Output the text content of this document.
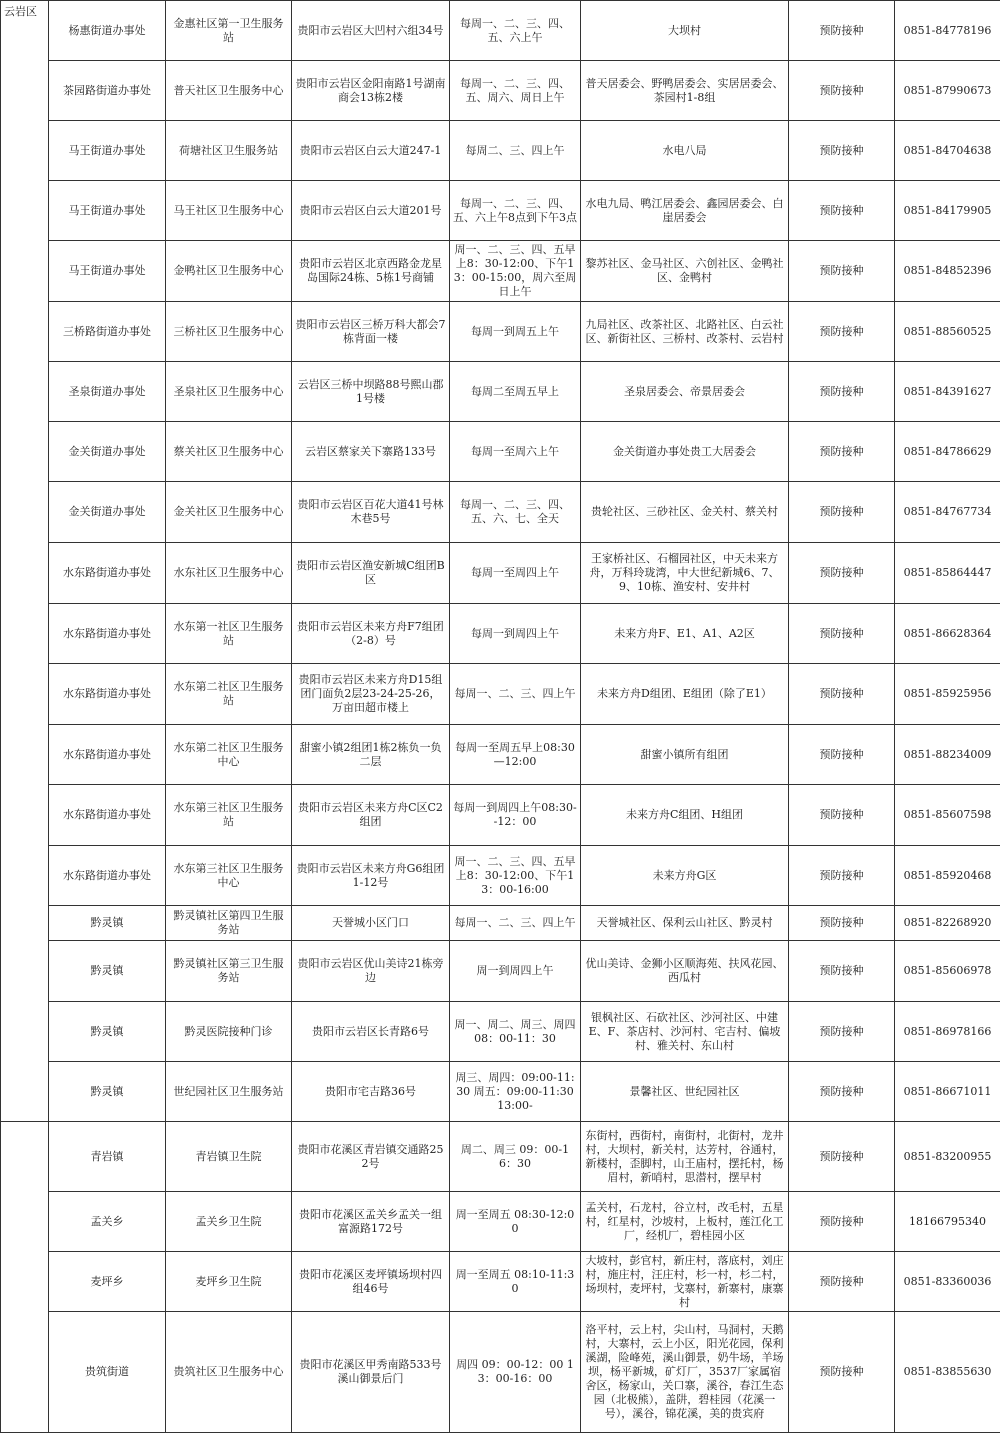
云岩区	杨惠街道办事处	金惠社区第一卫生服务站	贵阳市云岩区大凹村六组34号	每周一、二、三、四、五、六上午	大坝村	预防接种	0851-84778196
	茶园路街道办事处	普天社区卫生服务中心	贵阳市云岩区金阳南路1号湖南商会13栋2楼	每周一、二、三、四、五、周六、周日上午	普天居委会、野鸭居委会、实居居委会、茶园村1-8组	预防接种	0851-87990673
	马王街道办事处	荷塘社区卫生服务站	贵阳市云岩区白云大道247-1	每周二、三、四上午	水电八局	预防接种	0851-84704638
	马王街道办事处	马王社区卫生服务中心	贵阳市云岩区白云大道201号	每周一、二、三、四、五、六上午8点到下午3点	水电九局、鸭江居委会、鑫园居委会、白崖居委会	预防接种	0851-84179905
	马王街道办事处	金鸭社区卫生服务中心	贵阳市云岩区北京西路金龙星岛国际24栋、5栋1号商铺	周一、二、三、四、五早上8：30-12:00、下午13：00-15:00，周六至周日上午	黎苏社区、金马社区、六创社区、金鸭社区、金鸭村	预防接种	0851-84852396
	三桥路街道办事处	三桥社区卫生服务中心	贵阳市云岩区三桥万科大都会7栋背面一楼	每周一到周五上午	九局社区、改茶社区、北路社区、白云社区、新街社区、三桥村、改茶村、云岩村	预防接种	0851-88560525
	圣泉街道办事处	圣泉社区卫生服务中心	云岩区三桥中坝路88号熙山郡1号楼	每周二至周五早上	圣泉居委会、帝景居委会	预防接种	0851-84391627
	金关街道办事处	蔡关社区卫生服务中心	云岩区蔡家关下寨路133号	每周一至周六上午	金关街道办事处贵工大居委会	预防接种	0851-84786629
	金关街道办事处	金关社区卫生服务中心	贵阳市云岩区百花大道41号林木巷5号	每周一、二、三、四、五、六、七、全天	贵轮社区、三砂社区、金关村、蔡关村	预防接种	0851-84767734
	水东路街道办事处	水东社区卫生服务中心	贵阳市云岩区渔安新城C组团B区	每周一至周四上午	王家桥社区、石榴园社区，中天未来方舟，万科玲珑湾，中大世纪新城6、7、9、10栋、渔安村、安井村	预防接种	0851-85864447
	水东路街道办事处	水东第一社区卫生服务站	贵阳市云岩区未来方舟F7组团（2-8）号	每周一到周四上午	未来方舟F、E1、A1、A2区	预防接种	0851-86628364
	水东路街道办事处	水东第二社区卫生服务站	贵阳市云岩区未来方舟D15组团门面负2层23-24-25-26，万亩田超市楼上	每周一、二、三、四上午	未来方舟D组团、E组团（除了E1）	预防接种	0851-85925956
	水东路街道办事处	水东第二社区卫生服务中心	甜蜜小镇2组团1栋2栋负一负二层	每周一至周五早上08:30—12:00	甜蜜小镇所有组团	预防接种	0851-88234009
	水东路街道办事处	水东第三社区卫生服务站	贵阳市云岩区未来方舟C区C2组团	每周一到周四上午08:30--12：00	未来方舟C组团、H组团	预防接种	0851-85607598
	水东路街道办事处	水东第三社区卫生服务中心	贵阳市云岩区未来方舟G6组团1-12号	周一、二、三、四、五早上8：30-12:00、下午13：00-16:00	未来方舟G区	预防接种	0851-85920468
	黔灵镇	黔灵镇社区第四卫生服务站	天誉城小区门口	每周一、二、三、四上午	天誉城社区、保利云山社区、黔灵村	预防接种	0851-82268920
	黔灵镇	黔灵镇社区第三卫生服务站	贵阳市云岩区优山美诗21栋旁边	周一到周四上午	优山美诗、金狮小区顺海苑、扶风花园、西瓜村	预防接种	0851-85606978
	黔灵镇	黔灵医院接种门诊	贵阳市云岩区长青路6号	周一、周二、周三、周四 08：00-11：30	银枫社区、石砍社区、沙河社区、中建E、F、茶店村、沙河村、宅吉村、偏坡村、雅关村、东山村	预防接种	0851-86978166
	黔灵镇	世纪园社区卫生服务站	贵阳市宅吉路36号	周三、周四：09:00-11:30 周五：09:00-11:30 13:00-	景馨社区、世纪园社区	预防接种	0851-86671011
	青岩镇	青岩镇卫生院	贵阳市花溪区青岩镇交通路252号	周二、周三 09：00-16：30	东街村，西街村，南街村，北街村，龙井村，大坝村，新关村，达芳村，谷通村，新楼村，歪脚村，山王庙村，摆托村，杨眉村，新哨村，思潜村，摆早村	预防接种	0851-83200955
	孟关乡	孟关乡卫生院	贵阳市花溪区孟关乡孟关一组富源路172号	周一至周五 08:30-12:00	孟关村，石龙村，谷立村，改毛村，五星村，红星村，沙坡村，上板村，莲江化工厂，经机厂，碧桂园小区	预防接种	18166795340
	麦坪乡	麦坪乡卫生院	贵阳市花溪区麦坪镇场坝村四组46号	周一至周五 08:10-11:30	大坡村，彭官村，新庄村，落底村，刘庄村，施庄村，汪庄村，杉一村，杉二村，场坝村，麦坪村，戈寨村，新寨村，康寨村	预防接种	0851-83360036
	贵筑街道	贵筑社区卫生服务中心	贵阳市花溪区甲秀南路533号溪山御景后门	周四 09：00-12：00 13：00-16：00	洛平村，云上村，尖山村，马洞村，天鹅村，大寨村，云上小区，阳光花园，保利溪湖，险峰苑，溪山御景，奶牛场，羊场坝，杨平新城，矿灯厂，3537厂家属宿舍区，杨家山，关口寨，溪谷，春江生态园（北极熊），盖阱，碧桂园（花溪一号），溪谷，锦花溪，美的贵宾府	预防接种	0851-83855630
